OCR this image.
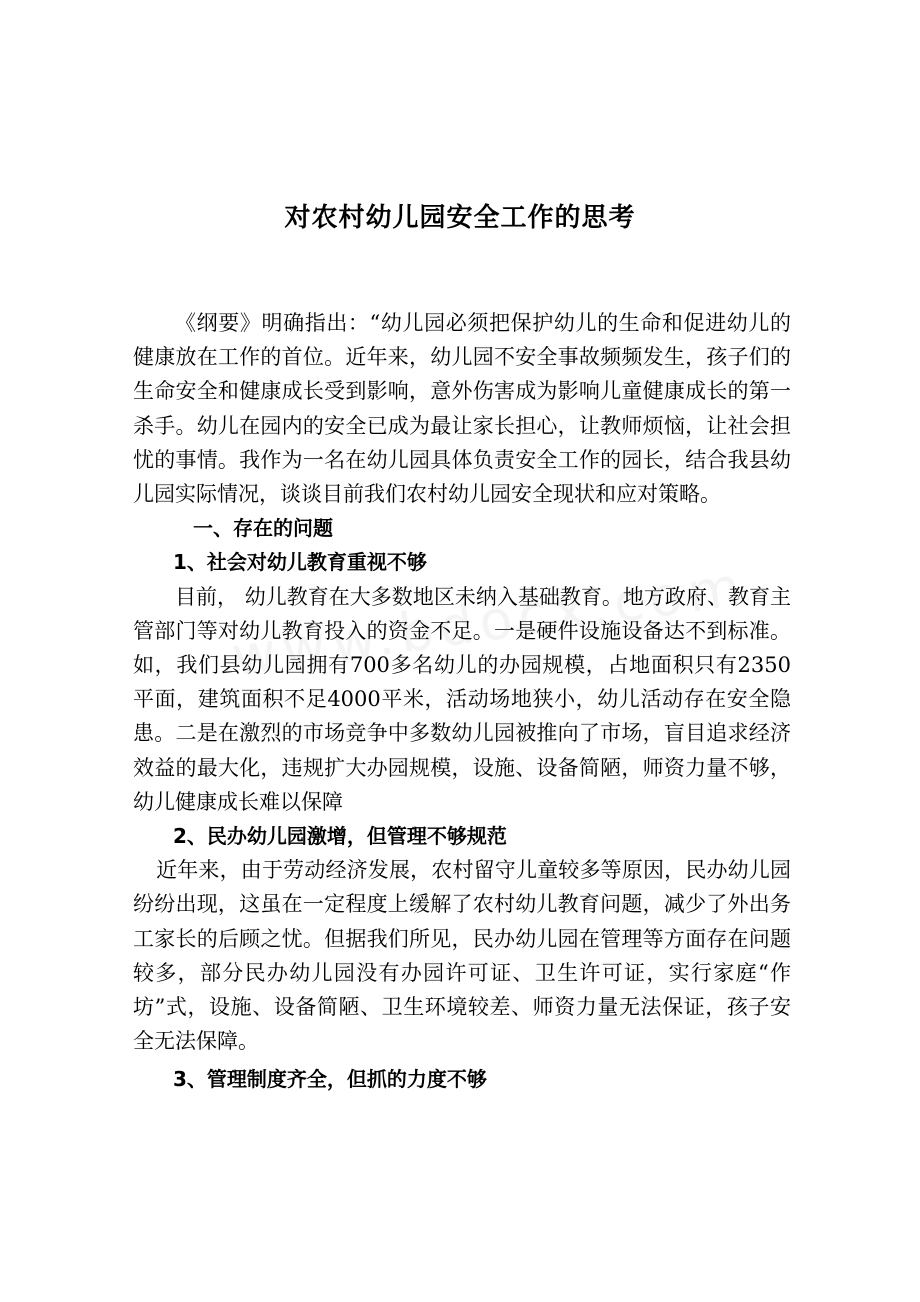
对农村幼儿园安全工作的思考

《纲要》明确指出：“幼儿园必须把保护幼儿的生命和促进幼儿的健康放在工作的首位。近年来，幼儿园不安全事故频频发生，孩子们的生命安全和健康成长受到影响，意外伤害成为影响儿童健康成长的第一杀手。幼儿在园内的安全已成为最让家长担心，让教师烦恼，让社会担忧的事情。我作为一名在幼儿园具体负责安全工作的园长，结合我县幼儿园实际情况，谈谈目前我们农村幼儿园安全现状和应对策略。

一、存在的问题

1、社会对幼儿教育重视不够

目前， 幼儿教育在大多数地区未纳入基础教育。地方政府、教育主管部门等对幼儿教育投入的资金不足。一是硬件设施设备达不到标准。如，我们县幼儿园拥有700多名幼儿的办园规模，占地面积只有2350平面，建筑面积不足4000平米，活动场地狭小，幼儿活动存在安全隐患。二是在激烈的市场竞争中多数幼儿园被推向了市场，盲目追求经济效益的最大化，违规扩大办园规模，设施、设备简陋，师资力量不够，幼儿健康成长难以保障

2、民办幼儿园激增，但管理不够规范

近年来，由于劳动经济发展，农村留守儿童较多等原因，民办幼儿园纷纷出现，这虽在一定程度上缓解了农村幼儿教育问题，减少了外出务工家长的后顾之忧。但据我们所见，民办幼儿园在管理等方面存在问题较多，部分民办幼儿园没有办园许可证、卫生许可证，实行家庭“作坊”式，设施、设备简陋、卫生环境较差、师资力量无法保证，孩子安全无法保障。

3、管理制度齐全，但抓的力度不够
